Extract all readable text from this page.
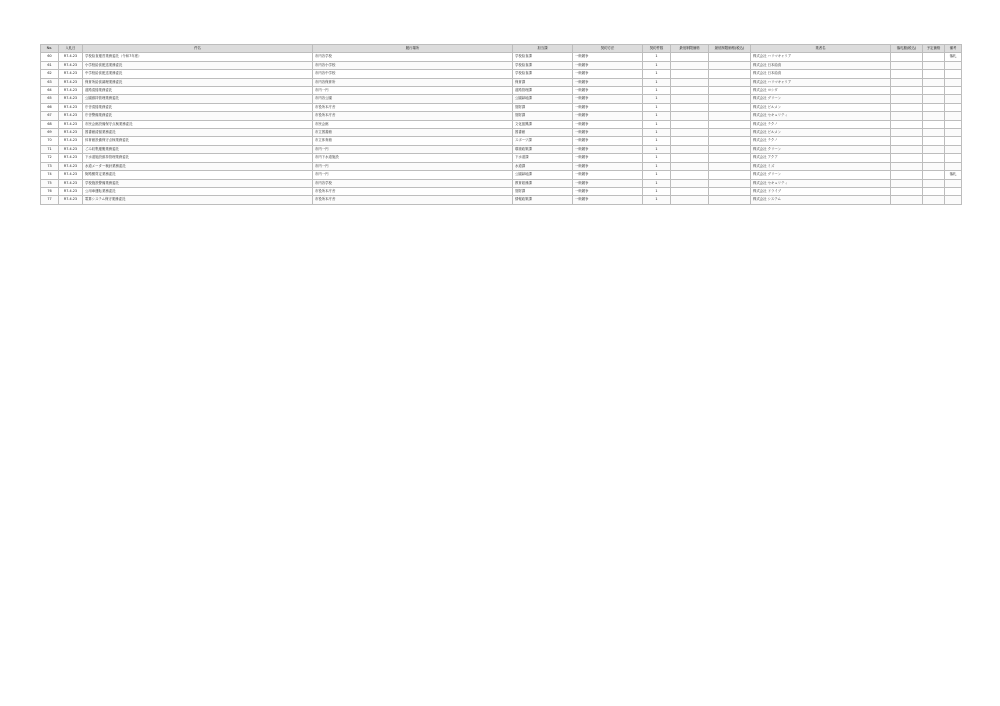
No.	入札日	件名	履行場所	担当課	契約方法	契約件数	最低制限価格	最低制限価格(税込)	業者名	落札額(税込)	予定価格	備考
60	R7.4.23	学校給食運営業務委託（令和7年度）	市内各学校	学校給食課	一般競争	1			株式会社 ハリマキャリア			落札
61	R7.4.23	小学校給食配送業務委託	市内各小学校	学校給食課	一般競争	1			株式会社 日本給食			
62	R7.4.23	中学校給食配送業務委託	市内各中学校	学校給食課	一般競争	1			株式会社 日本給食			
63	R7.4.23	保育所給食調理業務委託	市内各保育所	保育課	一般競争	1			株式会社 ハリマキャリア			
64	R7.4.23	道路清掃業務委託	市内一円	道路管理課	一般競争	1			株式会社 ヨシダ			
65	R7.4.23	公園維持管理業務委託	市内各公園	公園緑地課	一般競争	1			株式会社 グリーン			
66	R7.4.23	庁舎清掃業務委託	市役所本庁舎	管財課	一般競争	1			株式会社 ビルメン			
67	R7.4.23	庁舎警備業務委託	市役所本庁舎	管財課	一般競争	1			株式会社 セキュリティ			
68	R7.4.23	市民会館設備保守点検業務委託	市民会館	文化振興課	一般競争	1			株式会社 テクノ			
69	R7.4.23	図書館清掃業務委託	市立図書館	図書館	一般競争	1			株式会社 ビルメン			
70	R7.4.23	体育館設備保守点検業務委託	市立体育館	スポーツ課	一般競争	1			株式会社 テクノ			
71	R7.4.23	ごみ収集運搬業務委託	市内一円	環境政策課	一般競争	1			株式会社 クリーン			
72	R7.4.23	下水道施設維持管理業務委託	市内下水道施設	下水道課	一般競争	1			株式会社 アクア			
73	R7.4.23	水道メーター検針業務委託	市内一円	水道課	一般競争	1			株式会社 ミズ			
74	R7.4.23	街路樹剪定業務委託	市内一円	公園緑地課	一般競争	1			株式会社 グリーン			落札
75	R7.4.23	学校施設警備業務委託	市内各学校	教育総務課	一般競争	1			株式会社 セキュリティ			
76	R7.4.23	公用車運転業務委託	市役所本庁舎	管財課	一般競争	1			株式会社 ドライブ			
77	R7.4.23	電算システム保守業務委託	市役所本庁舎	情報政策課	一般競争	1			株式会社 システム			
